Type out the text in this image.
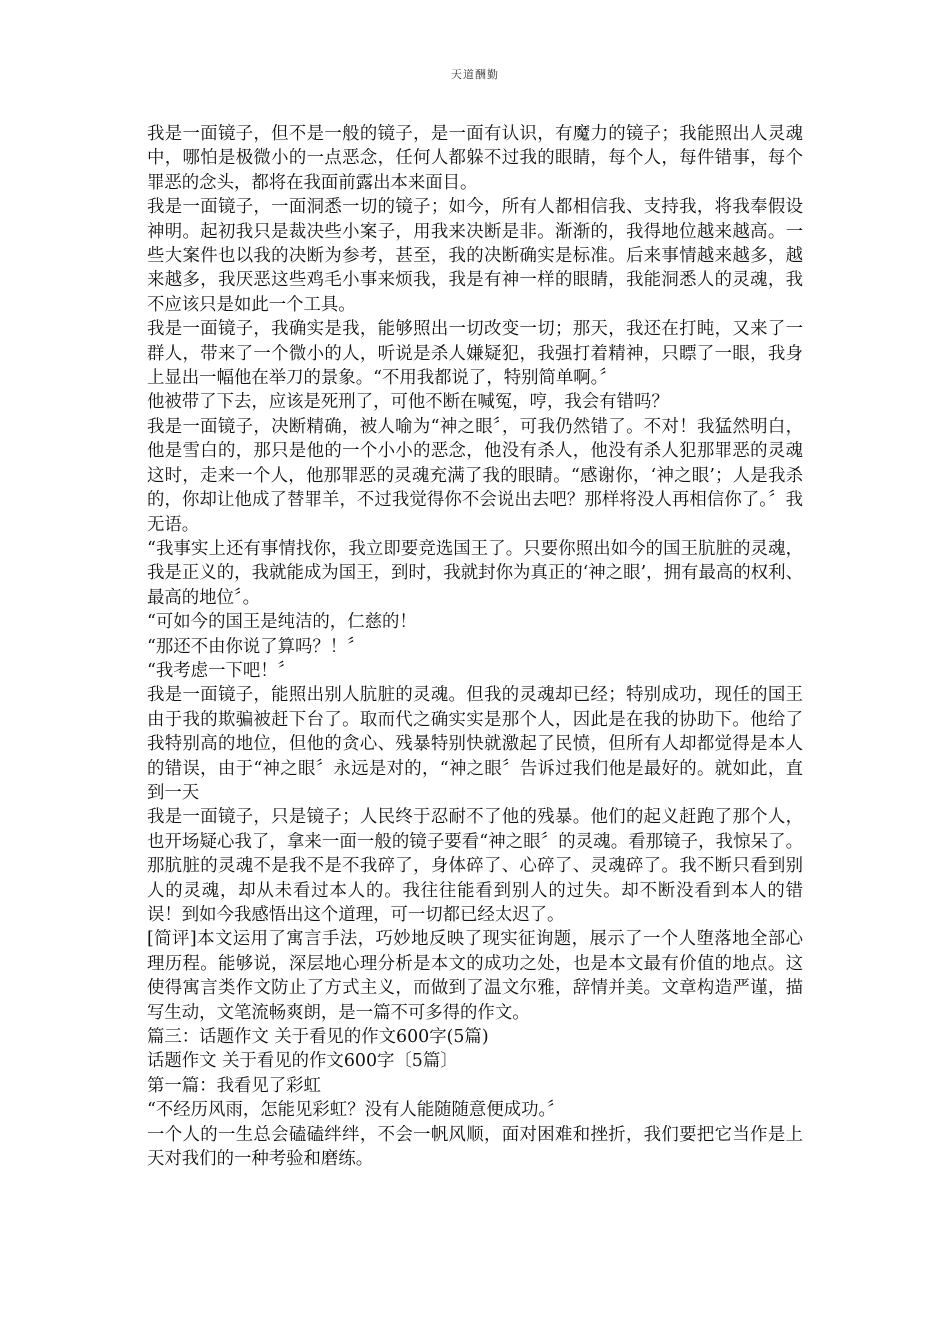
天道酬勤

我是一面镜子，但不是一般的镜子，是一面有认识，有魔力的镜子；我能照出人灵魂中，哪怕是极微小的一点恶念，任何人都躲不过我的眼睛，每个人，每件错事，每个罪恶的念头，都将在我面前露出本来面目。

我是一面镜子，一面洞悉一切的镜子；如今，所有人都相信我、支持我，将我奉假设神明。起初我只是裁决些小案子，用我来决断是非。渐渐的，我得地位越来越高。一些大案件也以我的决断为参考，甚至，我的决断确实是标准。后来事情越来越多，越来越多，我厌恶这些鸡毛小事来烦我，我是有神一样的眼睛，我能洞悉人的灵魂，我不应该只是如此一个工具。

我是一面镜子，我确实是我，能够照出一切改变一切；那天，我还在打盹，又来了一群人，带来了一个微小的人，听说是杀人嫌疑犯，我强打着精神，只瞟了一眼，我身上显出一幅他在举刀的景象。“不用我都说了，特别简单啊。〞

他被带了下去，应该是死刑了，可他不断在喊冤，哼，我会有错吗？

我是一面镜子，决断精确，被人喻为“神之眼〞，可我仍然错了。不对！我猛然明白，他是雪白的，那只是他的一个小小的恶念，他没有杀人，他没有杀人犯那罪恶的灵魂这时，走来一个人，他那罪恶的灵魂充满了我的眼睛。“感谢你，‘神之眼’；人是我杀的，你却让他成了替罪羊，不过我觉得你不会说出去吧？那样将没人再相信你了。〞我无语。

“我事实上还有事情找你，我立即要竞选国王了。只要你照出如今的国王肮脏的灵魂，我是正义的，我就能成为国王，到时，我就封你为真正的‘神之眼’，拥有最高的权利、最高的地位〞。

“可如今的国王是纯洁的，仁慈的！

“那还不由你说了算吗？！〞

“我考虑一下吧！〞

我是一面镜子，能照出别人肮脏的灵魂。但我的灵魂却已经；特别成功，现任的国王由于我的欺骗被赶下台了。取而代之确实实是那个人，因此是在我的协助下。他给了我特别高的地位，但他的贪心、残暴特别快就激起了民愤，但所有人却都觉得是本人的错误，由于“神之眼〞永远是对的，“神之眼〞告诉过我们他是最好的。就如此，直到一天

我是一面镜子，只是镜子；人民终于忍耐不了他的残暴。他们的起义赶跑了那个人，也开场疑心我了，拿来一面一般的镜子要看“神之眼〞的灵魂。看那镜子，我惊呆了。那肮脏的灵魂不是我不是不我碎了，身体碎了、心碎了、灵魂碎了。我不断只看到别人的灵魂，却从未看过本人的。我往往能看到别人的过失。却不断没看到本人的错误！到如今我感悟出这个道理，可一切都已经太迟了。

[简评]本文运用了寓言手法，巧妙地反映了现实征询题，展示了一个人堕落地全部心理历程。能够说，深层地心理分析是本文的成功之处，也是本文最有价值的地点。这使得寓言类作文防止了方式主义，而做到了温文尔雅，辞情并美。文章构造严谨，描写生动，文笔流畅爽朗，是一篇不可多得的作文。

篇三：话题作文 关于看见的作文600字(5篇)

话题作文 关于看见的作文600字〔5篇〕

第一篇：我看见了彩虹

“不经历风雨，怎能见彩虹？没有人能随随意便成功。〞

一个人的一生总会磕磕绊绊，不会一帆风顺，面对困难和挫折，我们要把它当作是上天对我们的一种考验和磨练。
